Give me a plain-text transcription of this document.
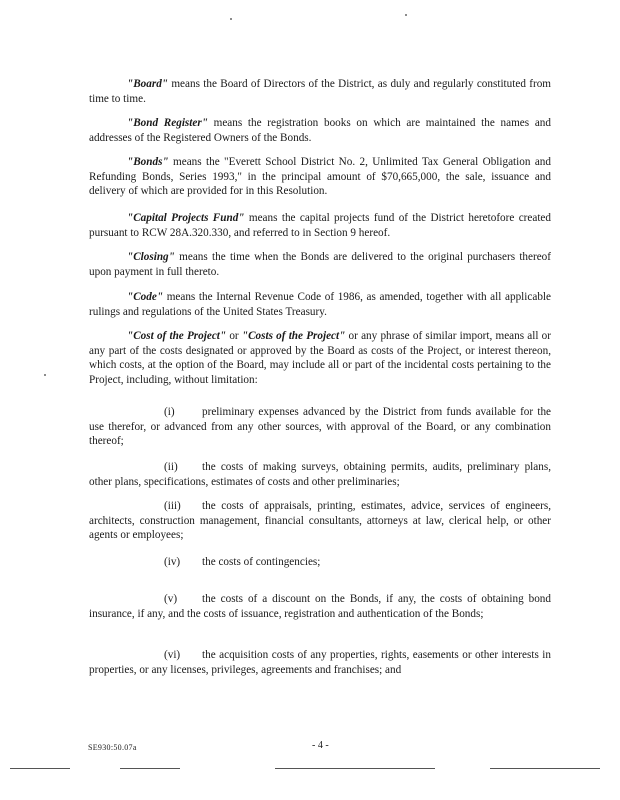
"Board" means the Board of Directors of the District, as duly and regularly constituted from time to time.

"Bond Register" means the registration books on which are maintained the names and addresses of the Registered Owners of the Bonds.

"Bonds" means the "Everett School District No. 2, Unlimited Tax General Obligation and Refunding Bonds, Series 1993," in the principal amount of $70,665,000, the sale, issuance and delivery of which are provided for in this Resolution.

"Capital Projects Fund" means the capital projects fund of the District heretofore created pursuant to RCW 28A.320.330, and referred to in Section 9 hereof.

"Closing" means the time when the Bonds are delivered to the original purchasers thereof upon payment in full thereto.

"Code" means the Internal Revenue Code of 1986, as amended, together with all applicable rulings and regulations of the United States Treasury.

"Cost of the Project" or "Costs of the Project" or any phrase of similar import, means all or any part of the costs designated or approved by the Board as costs of the Project, or interest thereon, which costs, at the option of the Board, may include all or part of the incidental costs pertaining to the Project, including, without limitation:

(i) preliminary expenses advanced by the District from funds available for the use therefor, or advanced from any other sources, with approval of the Board, or any combination thereof;

(ii) the costs of making surveys, obtaining permits, audits, preliminary plans, other plans, specifications, estimates of costs and other preliminaries;

(iii) the costs of appraisals, printing, estimates, advice, services of engineers, architects, construction management, financial consultants, attorneys at law, clerical help, or other agents or employees;

(iv) the costs of contingencies;

(v) the costs of a discount on the Bonds, if any, the costs of obtaining bond insurance, if any, and the costs of issuance, registration and authentication of the Bonds;

(vi) the acquisition costs of any properties, rights, easements or other interests in properties, or any licenses, privileges, agreements and franchises; and

SE930:50.07a	- 4 -
